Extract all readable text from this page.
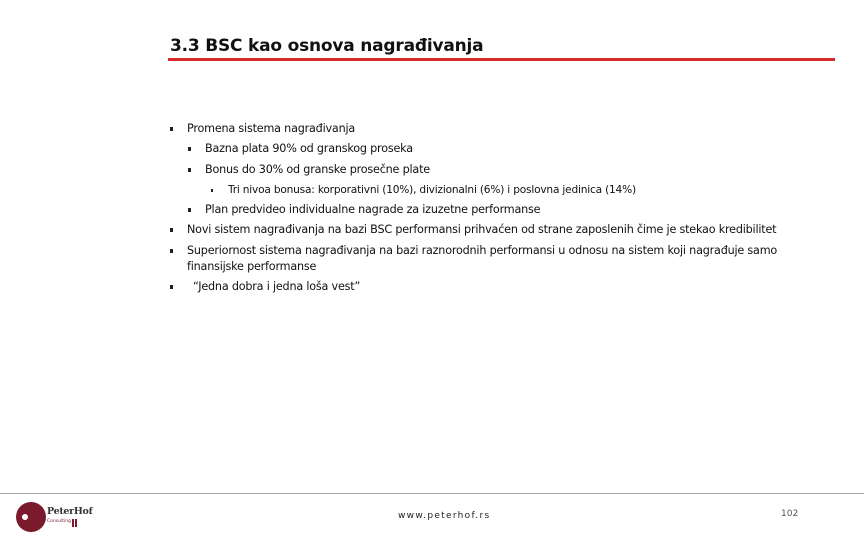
3.3 BSC kao osnova nagrađivanja
Promena sistema nagrađivanja
Bazna plata 90% od granskog proseka
Bonus do 30% od granske prosečne plate
Tri nivoa bonusa: korporativni (10%), divizionalni (6%) i poslovna jedinica (14%)
Plan predvideo individualne nagrade za izuzetne performanse
Novi sistem nagrađivanja na bazi BSC performansi prihvaćen od strane zaposlenih čime je stekao kredibilitet
Superiornost sistema nagrađivanja na bazi raznorodnih performansi u odnosu na sistem koji nagrađuje samo finansijske performanse
“Jedna dobra i jedna loša vest”
PeterHof
Consulting
www.peterhof.rs	102
